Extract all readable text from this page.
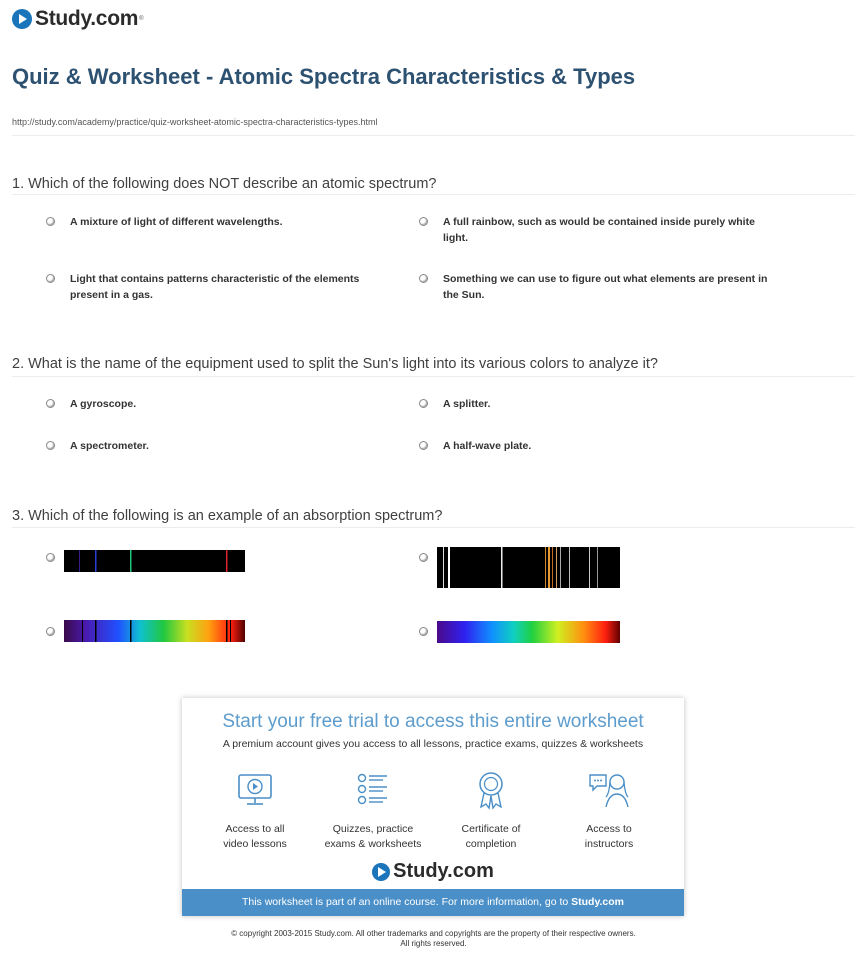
Study.com ®
Quiz & Worksheet - Atomic Spectra Characteristics & Types
http://study.com/academy/practice/quiz-worksheet-atomic-spectra-characteristics-types.html
1. Which of the following does NOT describe an atomic spectrum?
A mixture of light of different wavelengths.	A full rainbow, such as would be contained inside purely white light.
Light that contains patterns characteristic of the elements present in a gas.
Something we can use to figure out what elements are present in the Sun.
2. What is the name of the equipment used to split the Sun's light into its various colors to analyze it?
A gyroscope.	A splitter.
A spectrometer.	A half-wave plate.
3. Which of the following is an example of an absorption spectrum?
Start your free trial to access this entire worksheet
A premium account gives you access to all lessons, practice exams, quizzes & worksheets
Access to all
video lessons
Quizzes, practice
exams & worksheets
Certificate of
completion
Access to
instructors
Study.com
This worksheet is part of an online course. For more information, go to Study.com
© copyright 2003-2015 Study.com. All other trademarks and copyrights are the property of their respective owners.
All rights reserved.
